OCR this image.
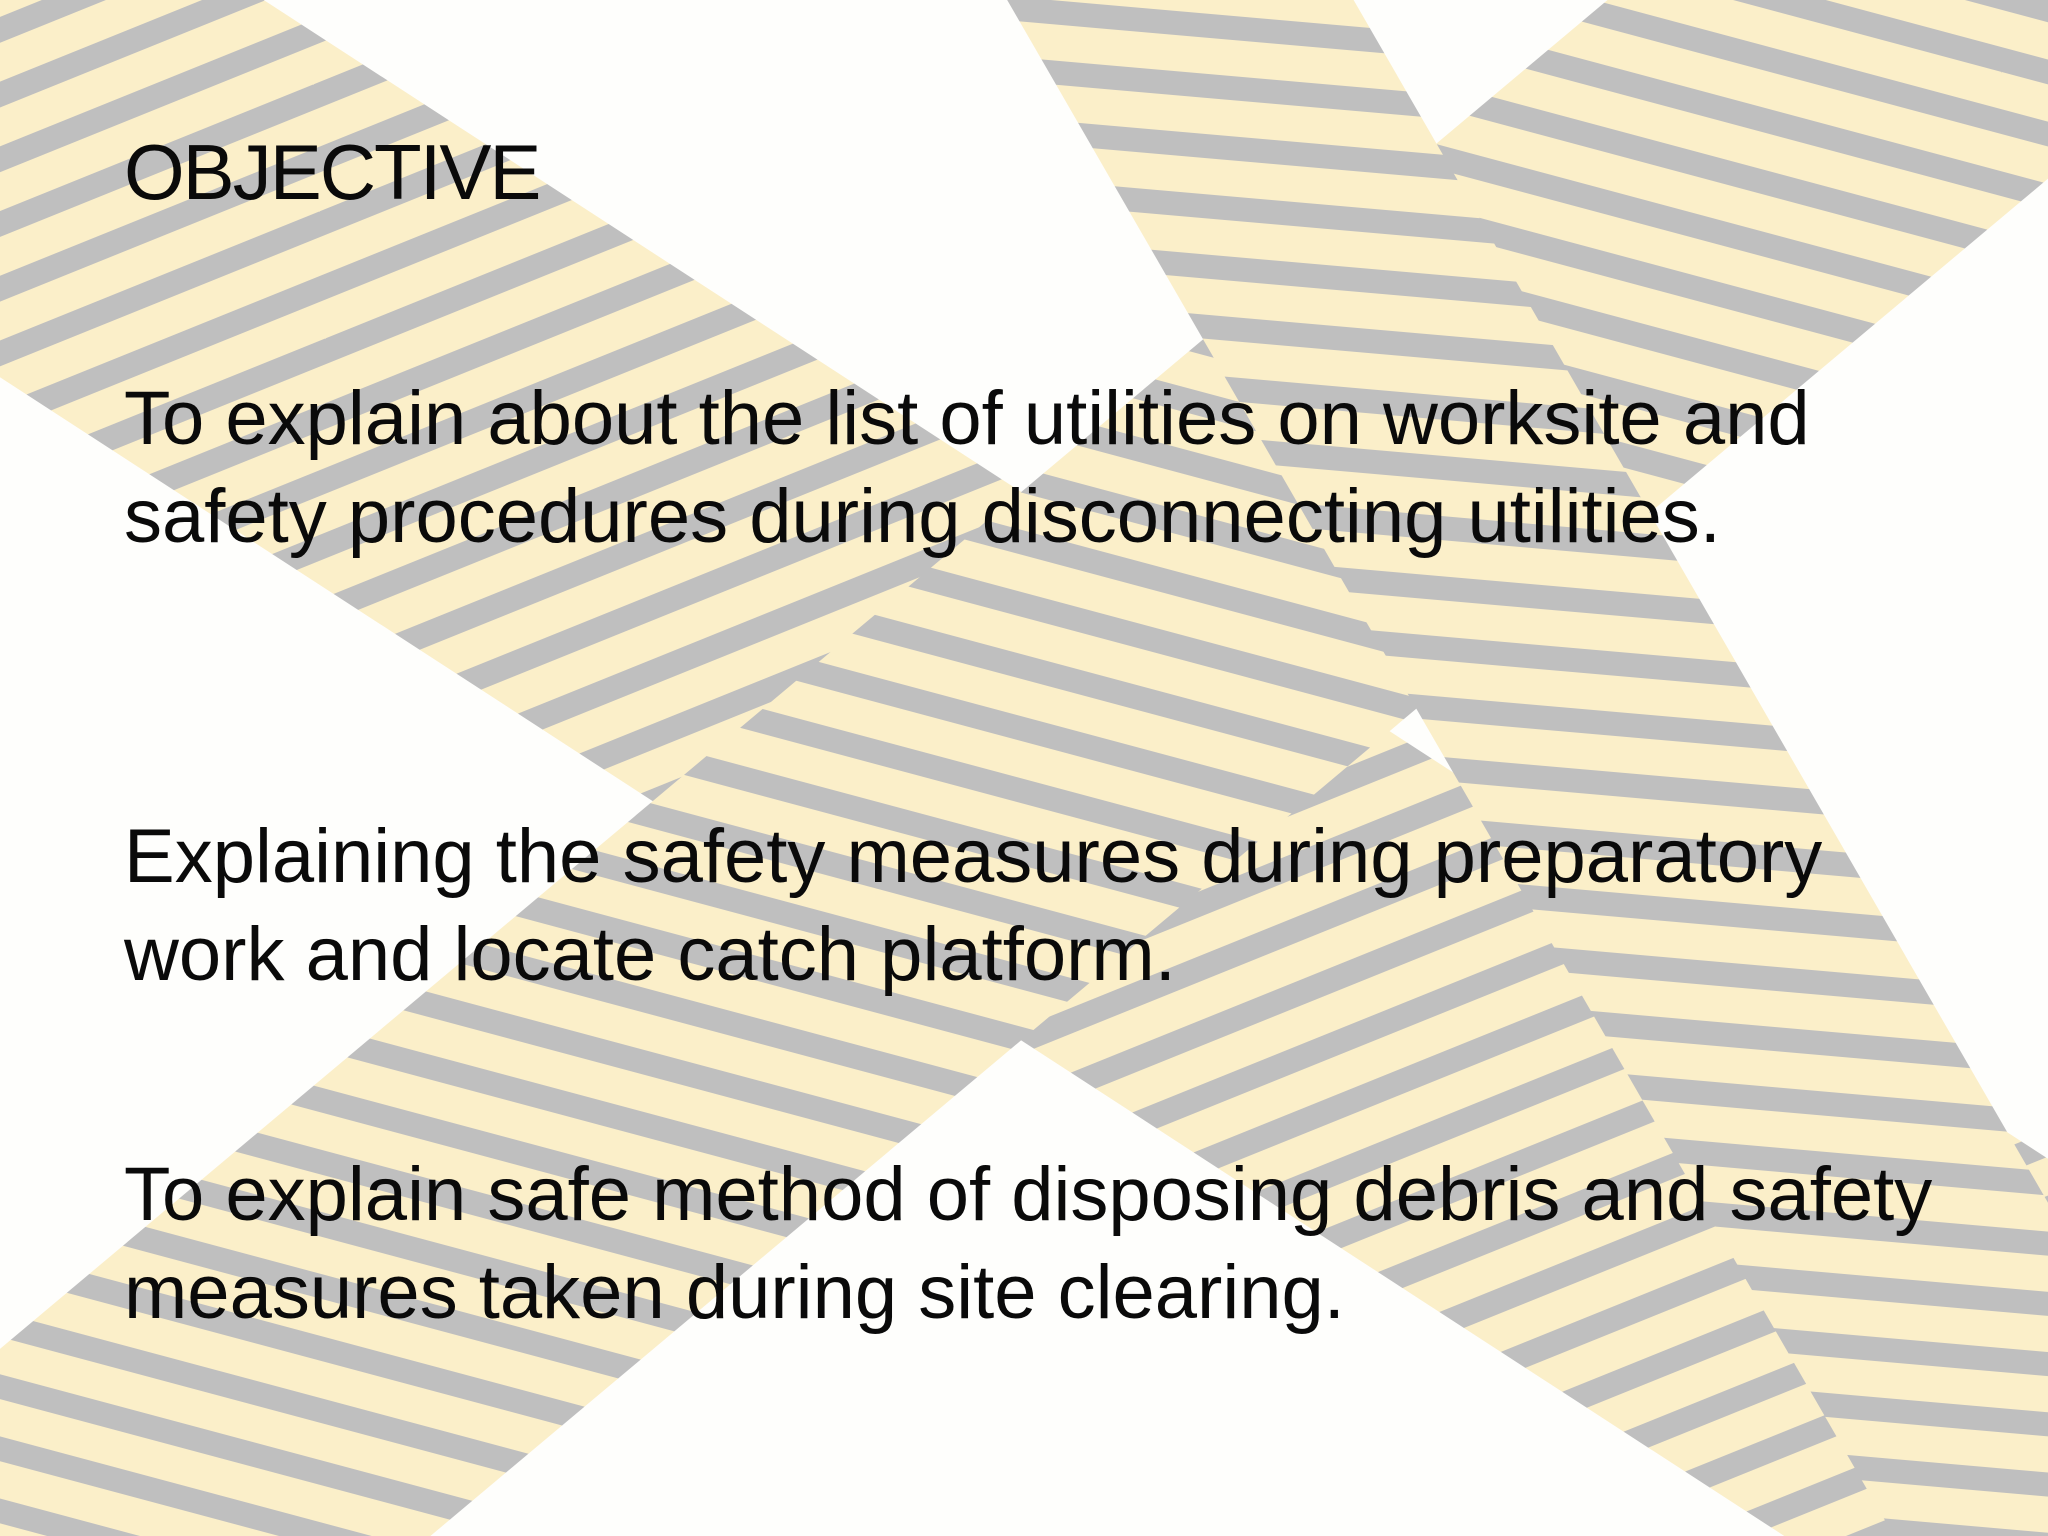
OBJECTIVE

To explain about the list of utilities on worksite and safety procedures during disconnecting utilities.

Explaining the safety measures during preparatory work and locate catch platform.

To explain safe method of disposing debris and safety measures taken during site clearing.
